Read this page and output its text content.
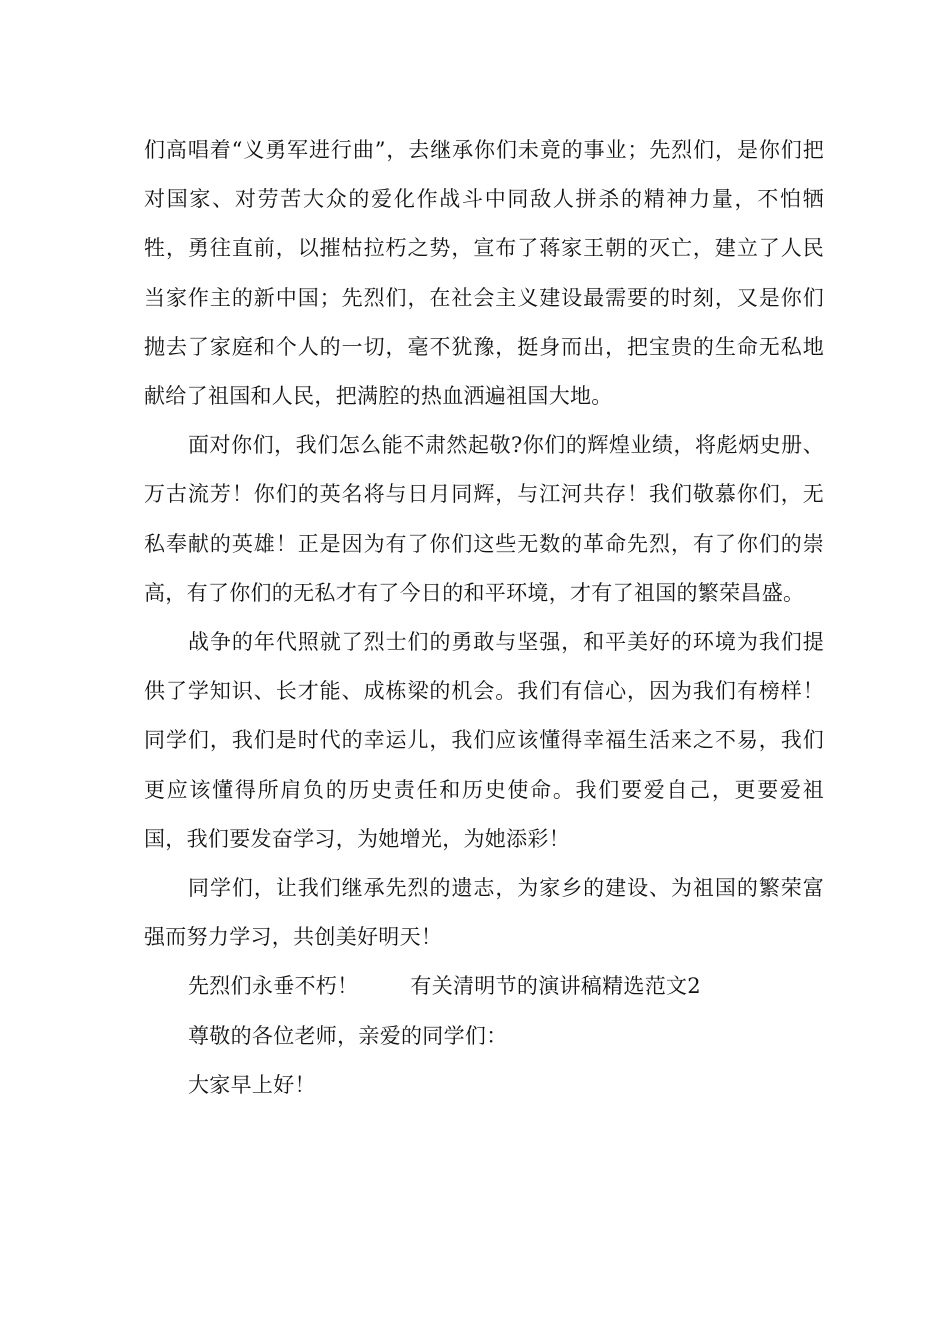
们高唱着“义勇军进行曲”，去继承你们未竟的事业；先烈们，是你们把对国家、对劳苦大众的爱化作战斗中同敌人拼杀的精神力量，不怕牺牲，勇往直前，以摧枯拉朽之势，宣布了蒋家王朝的灭亡，建立了人民当家作主的新中国；先烈们，在社会主义建设最需要的时刻，又是你们抛去了家庭和个人的一切，毫不犹豫，挺身而出，把宝贵的生命无私地献给了祖国和人民，把满腔的热血洒遍祖国大地。

面对你们，我们怎么能不肃然起敬?你们的辉煌业绩，将彪炳史册、万古流芳！你们的英名将与日月同辉，与江河共存！我们敬慕你们，无私奉献的英雄！正是因为有了你们这些无数的革命先烈，有了你们的崇高，有了你们的无私才有了今日的和平环境，才有了祖国的繁荣昌盛。

战争的年代照就了烈士们的勇敢与坚强，和平美好的环境为我们提供了学知识、长才能、成栋梁的机会。我们有信心，因为我们有榜样！同学们，我们是时代的幸运儿，我们应该懂得幸福生活来之不易，我们更应该懂得所肩负的历史责任和历史使命。我们要爱自己，更要爱祖国，我们要发奋学习，为她增光，为她添彩！

同学们，让我们继承先烈的遗志，为家乡的建设、为祖国的繁荣富强而努力学习，共创美好明天！

先烈们永垂不朽！ 有关清明节的演讲稿精选范文2

尊敬的各位老师，亲爱的同学们：

大家早上好！
